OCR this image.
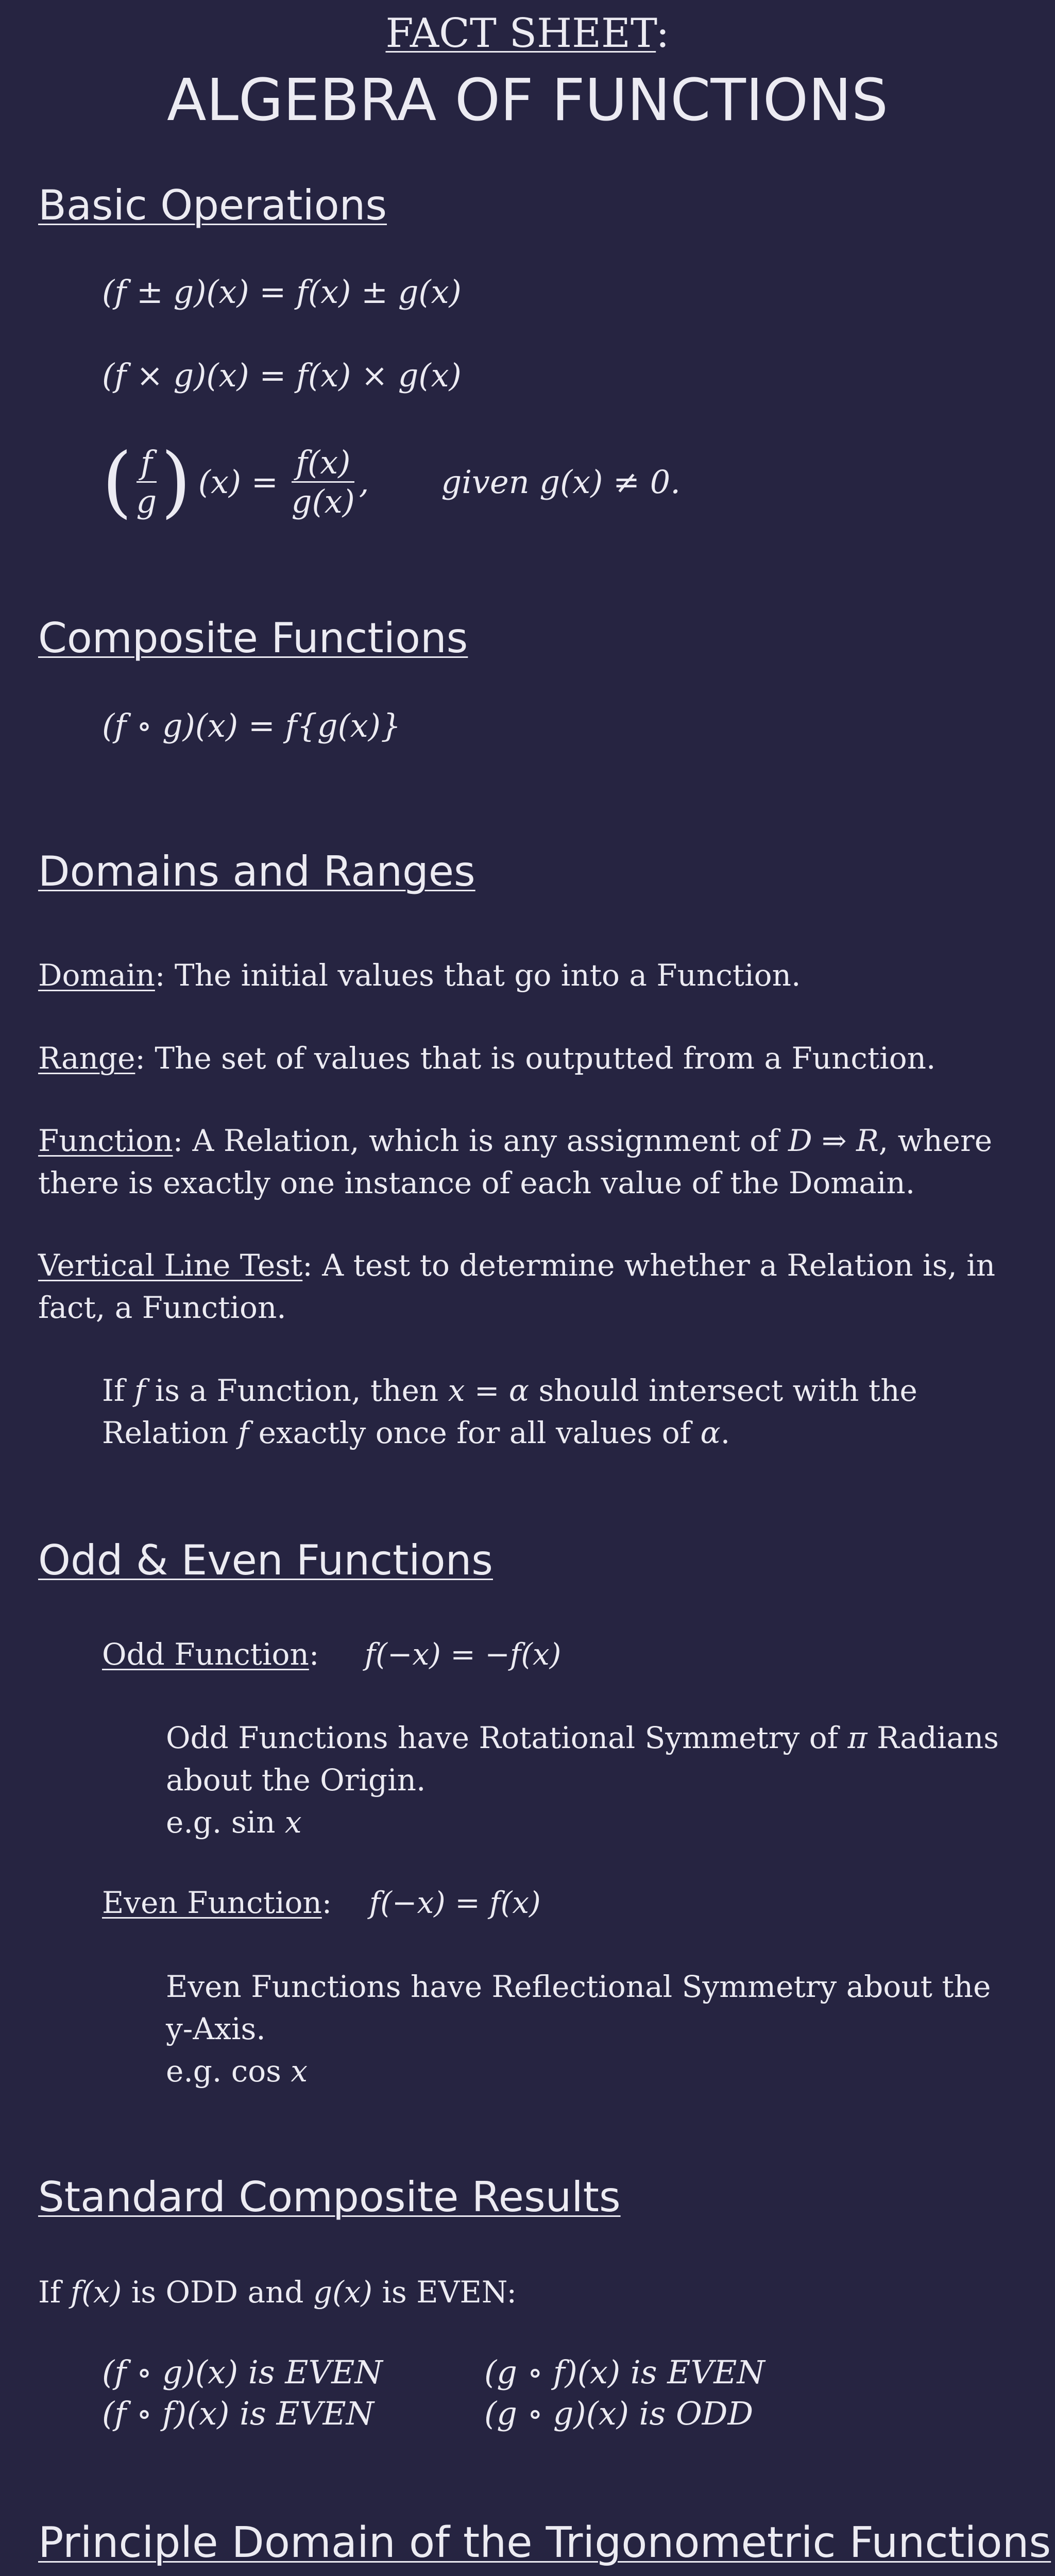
FACT SHEET:
ALGEBRA OF FUNCTIONS
Basic Operations
(f ± g)(x) = f(x) ± g(x)
(f × g)(x) = f(x) × g(x)
( $\frac{f}{g}$ ) $(x) = \frac{f(x)}{g(x)}$ , given g(x) ≠ 0.
Composite Functions
(f ∘ g)(x) = f{g(x)}
Domains and Ranges
Domain: The initial values that go into a Function.
Range: The set of values that is outputted from a Function.
Function: A Relation, which is any assignment of D ⇒ R, where
there is exactly one instance of each value of the Domain.
Vertical Line Test: A test to determine whether a Relation is, in
fact, a Function.
If f is a Function, then x = α should intersect with the
Relation f exactly once for all values of α.
Odd & Even Functions
Odd Function: f(−x) = −f(x)
Odd Functions have Rotational Symmetry of π Radians
about the Origin.
e.g. sin x
Even Function: f(−x) = f(x)
Even Functions have Reflectional Symmetry about the
y-Axis.
e.g. cos x
Standard Composite Results
If f(x) is ODD and g(x) is EVEN:
(f ∘ g)(x) is EVEN	(g ∘ f)(x) is EVEN
(f ∘ f)(x) is EVEN	(g ∘ g)(x) is ODD
Principle Domain of the Trigonometric Functions
